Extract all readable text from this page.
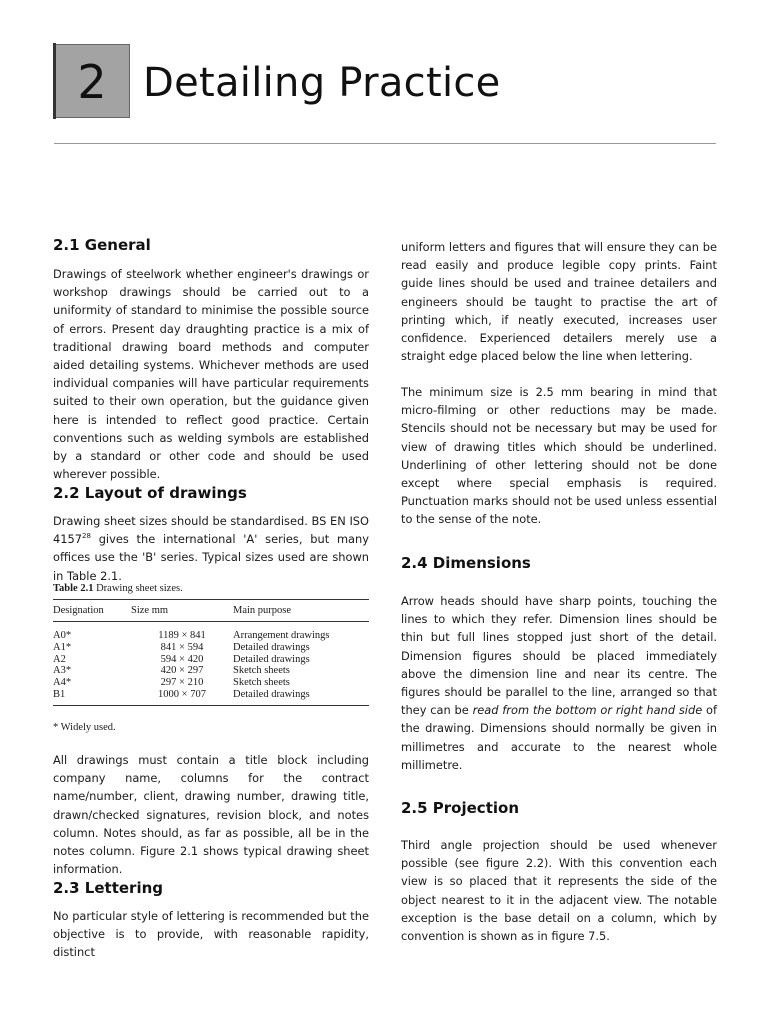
2 Detailing Practice
2.1 General

Drawings of steelwork whether engineer's drawings or workshop drawings should be carried out to a uniformity of standard to minimise the possible source of errors. Present day draughting practice is a mix of traditional drawing board methods and computer aided detailing systems. Whichever methods are used individual companies will have particular requirements suited to their own operation, but the guidance given here is intended to reflect good practice. Certain conventions such as welding symbols are established by a standard or other code and should be used wherever possible.

2.2 Layout of drawings

Drawing sheet sizes should be standardised. BS EN ISO 4157$^{28}$ gives the international 'A' series, but many offices use the 'B' series. Typical sizes used are shown in Table 2.1.

Table 2.1 Drawing sheet sizes.
Designation	Size mm	Main purpose
A0*	1189 × 841	Arrangement drawings
A1*	841 × 594	Detailed drawings
A2	594 × 420	Detailed drawings
A3*	420 × 297	Sketch sheets
A4*	297 × 210	Sketch sheets
B1	1000 × 707	Detailed drawings
* Widely used.

All drawings must contain a title block including company name, columns for the contract name/number, client, drawing number, drawing title, drawn/checked signatures, revision block, and notes column. Notes should, as far as possible, all be in the notes column. Figure 2.1 shows typical drawing sheet information.

2.3 Lettering

No particular style of lettering is recommended but the objective is to provide, with reasonable rapidity, distinct

uniform letters and figures that will ensure they can be read easily and produce legible copy prints. Faint guide lines should be used and trainee detailers and engineers should be taught to practise the art of printing which, if neatly executed, increases user confidence. Experienced detailers merely use a straight edge placed below the line when lettering.

The minimum size is 2.5 mm bearing in mind that micro-filming or other reductions may be made. Stencils should not be necessary but may be used for view of drawing titles which should be underlined. Underlining of other lettering should not be done except where special emphasis is required. Punctuation marks should not be used unless essential to the sense of the note.

2.4 Dimensions

Arrow heads should have sharp points, touching the lines to which they refer. Dimension lines should be thin but full lines stopped just short of the detail. Dimension figures should be placed immediately above the dimension line and near its centre. The figures should be parallel to the line, arranged so that they can be read from the bottom or right hand side of the drawing. Dimensions should normally be given in millimetres and accurate to the nearest whole millimetre.

2.5 Projection

Third angle projection should be used whenever possible (see figure 2.2). With this convention each view is so placed that it represents the side of the object nearest to it in the adjacent view. The notable exception is the base detail on a column, which by convention is shown as in figure 7.5.
